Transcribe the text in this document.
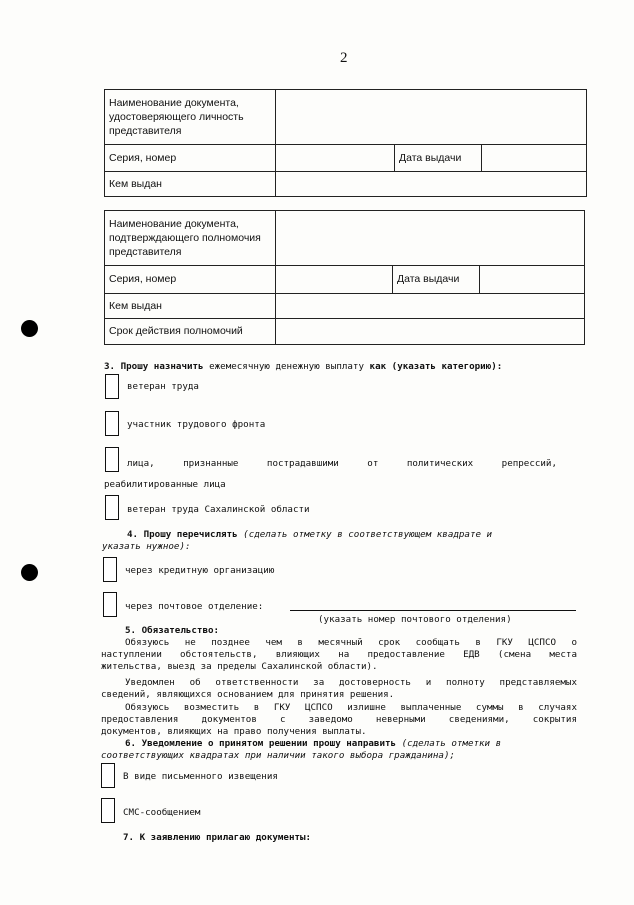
2
Наименование документа, удостоверяющего личность представителя			
Серия, номер		Дата выдачи	
Кем выдан			
Наименование документа, подтверждающего полномочия представителя			
Серия, номер		Дата выдачи	
Кем выдан			
Срок действия полномочий			
3. Прошу назначить ежемесячную денежную выплату как (указать категорию):
ветеран труда
участник трудового фронта
лица, признанные пострадавшими от политических репрессий,
реабилитированные лица
ветеран труда Сахалинской области
4. Прошу перечислять (сделать отметку в соответствующем квадрате и
указать нужное):
через кредитную организацию
через почтовое отделение:
(указать номер почтового отделения)
5. Обязательство:
Обязуюсь не позднее чем в месячный срок сообщать в ГКУ ЦСПСО о
наступлении обстоятельств, влияющих на предоставление ЕДВ (смена места
жительства, выезд за пределы Сахалинской области).
Уведомлен об ответственности за достоверность и полноту представляемых
сведений, являющихся основанием для принятия решения.
Обязуюсь возместить в ГКУ ЦСПСО излишне выплаченные суммы в случаях
предоставления документов с заведомо неверными сведениями, сокрытия
документов, влияющих на право получения выплаты.
6. Уведомление о принятом решении прошу направить (сделать отметки в
соответствующих квадратах при наличии такого выбора гражданина);
В виде письменного извещения
СМС-сообщением
7. К заявлению прилагаю документы:
